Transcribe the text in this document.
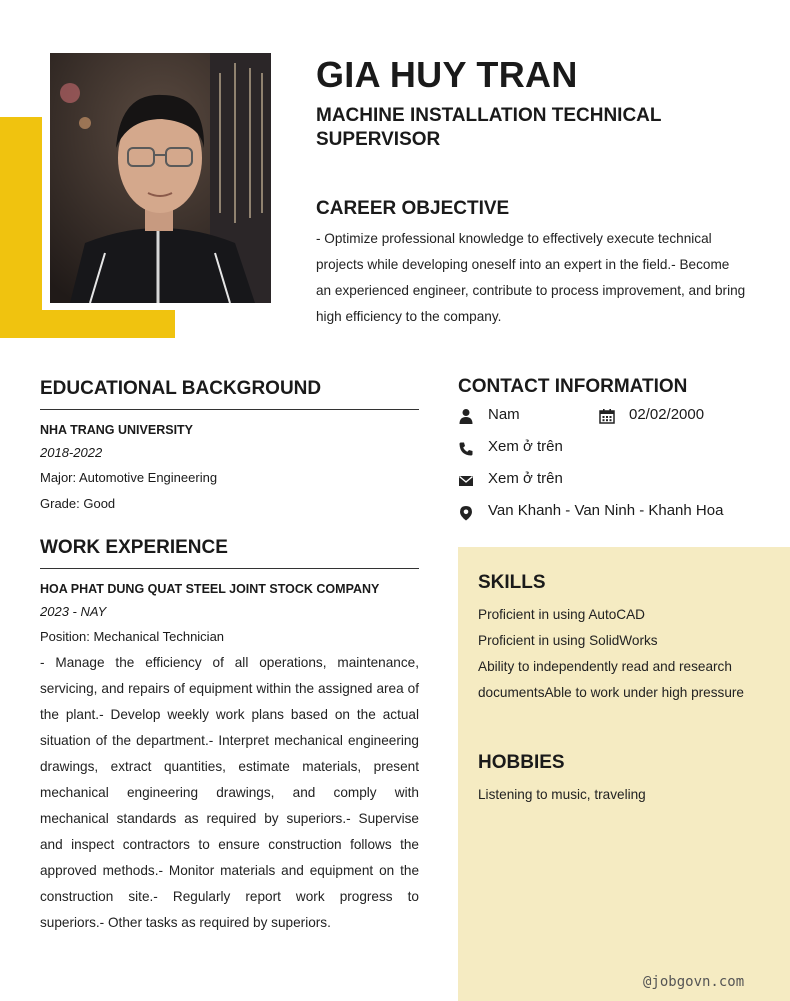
GIA HUY TRAN
MACHINE INSTALLATION TECHNICAL SUPERVISOR
CAREER OBJECTIVE
- Optimize professional knowledge to effectively execute technical projects while developing oneself into an expert in the field.- Become an experienced engineer, contribute to process improvement, and bring high efficiency to the company.
EDUCATIONAL BACKGROUND
NHA TRANG UNIVERSITY
2018-2022
Major: Automotive Engineering
Grade: Good
WORK EXPERIENCE
HOA PHAT DUNG QUAT STEEL JOINT STOCK COMPANY
2023 - NAY
Position: Mechanical Technician
- Manage the efficiency of all operations, maintenance, servicing, and repairs of equipment within the assigned area of the plant.- Develop weekly work plans based on the actual situation of the department.- Interpret mechanical engineering drawings, extract quantities, estimate materials, present mechanical engineering drawings, and comply with mechanical standards as required by superiors.- Supervise and inspect contractors to ensure construction follows the approved methods.- Monitor materials and equipment on the construction site.- Regularly report work progress to superiors.- Other tasks as required by superiors.
CONTACT INFORMATION
Nam	02/02/2000
Xem ở trên
Xem ở trên
Van Khanh - Van Ninh - Khanh Hoa
SKILLS
Proficient in using AutoCAD
Proficient in using SolidWorks
Ability to independently read and research documentsAble to work under high pressure
HOBBIES
Listening to music, traveling
@jobgovn.com
